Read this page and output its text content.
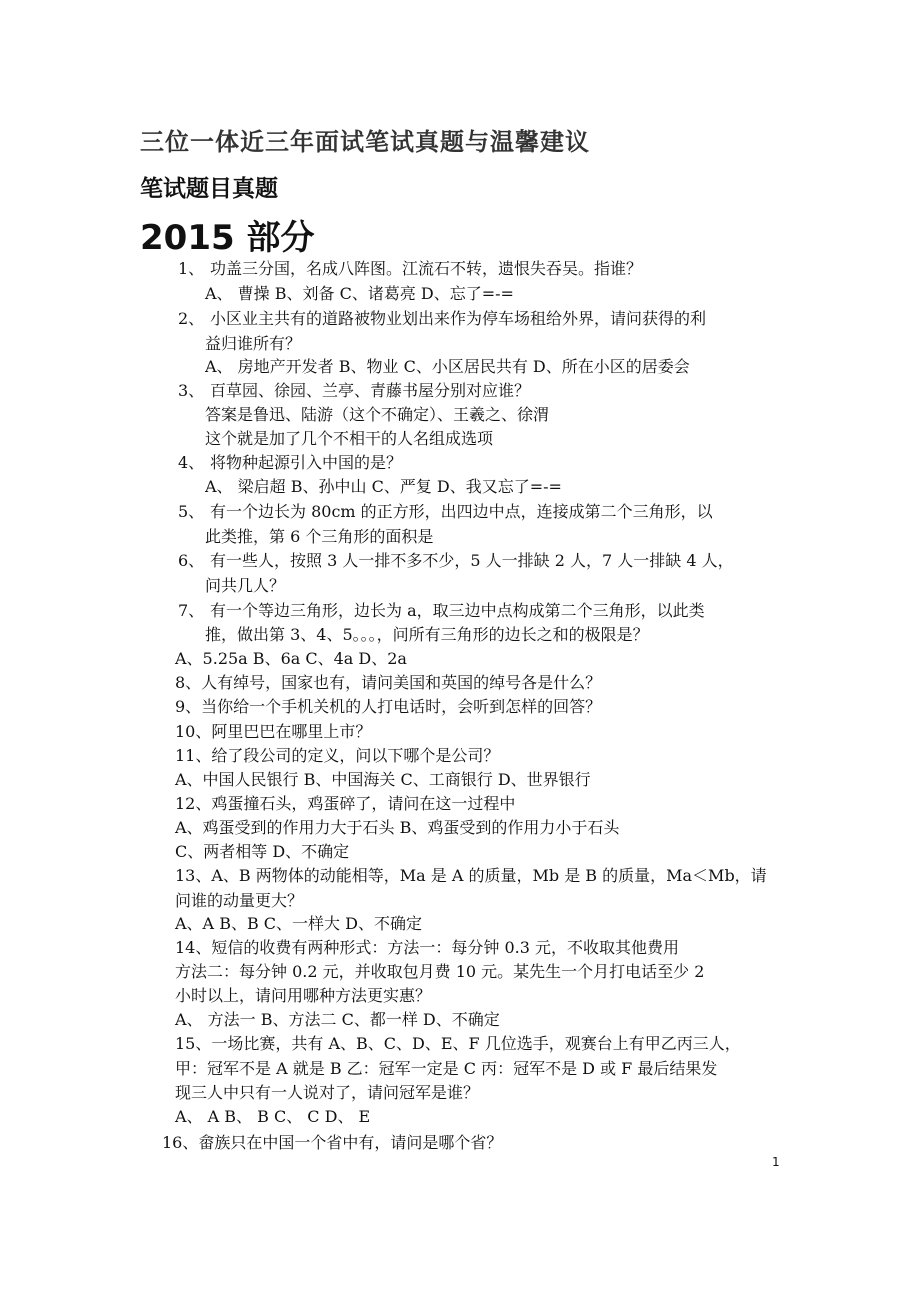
三位一体近三年面试笔试真题与温馨建议
笔试题目真题
2015 部分
1、 功盖三分国，名成八阵图。江流石不转，遗恨失吞吴。指谁？
A、 曹操 B、刘备 C、诸葛亮 D、忘了=-=
2、 小区业主共有的道路被物业划出来作为停车场租给外界，请问获得的利
益归谁所有？
A、 房地产开发者 B、物业 C、小区居民共有 D、所在小区的居委会
3、 百草园、徐园、兰亭、青藤书屋分别对应谁？
答案是鲁迅、陆游（这个不确定）、王羲之、徐渭
这个就是加了几个不相干的人名组成选项
4、 将物种起源引入中国的是？
A、 梁启超 B、孙中山 C、严复 D、我又忘了=-=
5、 有一个边长为 80cm 的正方形，出四边中点，连接成第二个三角形，以
此类推，第 6 个三角形的面积是
6、 有一些人，按照 3 人一排不多不少，5 人一排缺 2 人，7 人一排缺 4 人，
问共几人？
7、 有一个等边三角形，边长为 a，取三边中点构成第二个三角形，以此类
推，做出第 3、4、5。。。，问所有三角形的边长之和的极限是？
A、5.25a B、6a C、4a D、2a
8、人有绰号，国家也有，请问美国和英国的绰号各是什么？
9、当你给一个手机关机的人打电话时，会听到怎样的回答？
10、阿里巴巴在哪里上市？
11、给了段公司的定义，问以下哪个是公司？
A、中国人民银行 B、中国海关 C、工商银行 D、世界银行
12、鸡蛋撞石头，鸡蛋碎了，请问在这一过程中
A、鸡蛋受到的作用力大于石头 B、鸡蛋受到的作用力小于石头
C、两者相等 D、不确定
13、A、B 两物体的动能相等，Ma 是 A 的质量，Mb 是 B 的质量，Ma＜Mb，请
问谁的动量更大？
A、A B、B C、一样大 D、不确定
14、短信的收费有两种形式：方法一：每分钟 0.3 元，不收取其他费用
方法二：每分钟 0.2 元，并收取包月费 10 元。某先生一个月打电话至少 2
小时以上，请问用哪种方法更实惠？
A、 方法一 B、方法二 C、都一样 D、不确定
15、一场比赛，共有 A、B、C、D、E、F 几位选手，观赛台上有甲乙丙三人，
甲：冠军不是 A 就是 B 乙：冠军一定是 C 丙：冠军不是 D 或 F 最后结果发
现三人中只有一人说对了，请问冠军是谁？
A、 A B、 B C、 C D、 E
16、畲族只在中国一个省中有，请问是哪个省？
1
